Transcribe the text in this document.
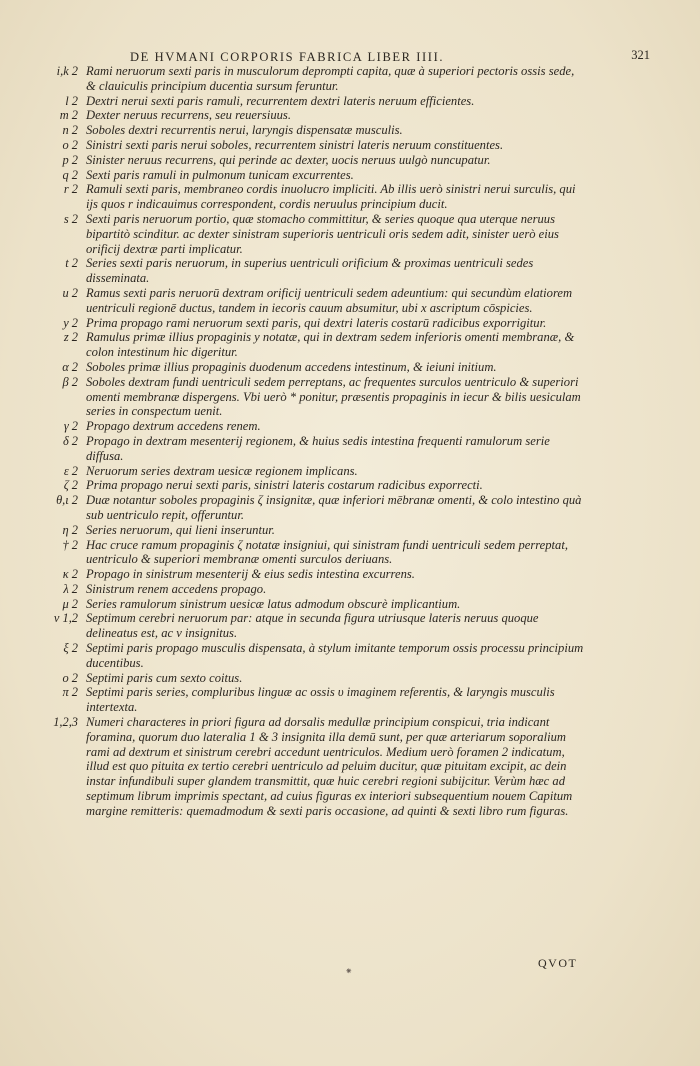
DE HVMANI CORPORIS FABRICA LIBER IIII.	321
i,k 2 Rami neruorum sexti paris in musculorum deprompti capita, quæ à superiori pectoris ossis sede, & clauiculis principium ducentia sursum feruntur.
l 2 Dextri nerui sexti paris ramuli, recurrentem dextri lateris neruum efficientes.
m 2 Dexter neruus recurrens, seu reuersiuus.
n 2 Soboles dextri recurrentis nerui, laryngis dispensatæ musculis.
o 2 Sinistri sexti paris nerui soboles, recurrentem sinistri lateris neruum constituentes.
p 2 Sinister neruus recurrens, qui perinde ac dexter, uocis neruus uulgò nuncupatur.
q 2 Sexti paris ramuli in pulmonum tunicam excurrentes.
r 2 Ramuli sexti paris, membraneo cordis inuolucro impliciti. Ab illis uerò sinistri nerui surculis, qui ijs quos r indicauimus correspondent, cordis neruulus principium ducit.
s 2 Sexti paris neruorum portio, quæ stomacho committitur, & series quoque qua uterque neruus bipartitò scinditur. ac dexter sinistram superioris uentriculi oris sedem adit, sinister uerò eius orificij dextræ parti implicatur.
t 2 Series sexti paris neruorum, in superius uentriculi orificium & proximas uentriculi sedes disseminata.
u 2 Ramus sexti paris neruorū dextram orificij uentriculi sedem adeuntium: qui secundùm elatiorem uentriculi regionē ductus, tandem in iecoris cauum absumitur, ubi x ascriptum cōspicies.
y 2 Prima propago rami neruorum sexti paris, qui dextri lateris costarū radicibus exporrigitur.
z 2 Ramulus primæ illius propaginis y notatæ, qui in dextram sedem inferioris omenti membranæ, & colon intestinum hic digeritur.
α 2 Soboles primæ illius propaginis duodenum accedens intestinum, & ieiuni initium.
β 2 Soboles dextram fundi uentriculi sedem perreptans, ac frequentes surculos uentriculo & superiori omenti membranæ dispergens. Vbi uerò * ponitur, præsentis propaginis in iecur & bilis uesiculam series in conspectum uenit.
γ 2 Propago dextrum accedens renem.
δ 2 Propago in dextram mesenterij regionem, & huius sedis intestina frequenti ramulorum serie diffusa.
ε 2 Neruorum series dextram uesicæ regionem implicans.
ζ 2 Prima propago nerui sexti paris, sinistri lateris costarum radicibus exporrecti.
θ,ι 2 Duæ notantur soboles propaginis ζ insignitæ, quæ inferiori mēbranæ omenti, & colo intestino quà sub uentriculo repit, offeruntur.
η 2 Series neruorum, qui lieni inseruntur.
† 2 Hac cruce ramum propaginis ζ notatæ insigniui, qui sinistram fundi uentriculi sedem perreptat, uentriculo & superiori membranæ omenti surculos deriuans.
κ 2 Propago in sinistrum mesenterij & eius sedis intestina excurrens.
λ 2 Sinistrum renem accedens propago.
μ 2 Series ramulorum sinistrum uesicæ latus admodum obscurè implicantium.
ν 1,2 Septimum cerebri neruorum par: atque in secunda figura utriusque lateris neruus quoque delineatus est, ac ν insignitus.
ξ 2 Septimi paris propago musculis dispensata, à stylum imitante temporum ossis processu principium ducentibus.
ο 2 Septimi paris cum sexto coitus.
π 2 Septimi paris series, compluribus linguæ ac ossis υ imaginem referentis, & laryngis musculis intertexta.
1,2,3 Numeri characteres in priori figura ad dorsalis medullæ principium conspicui, tria indicant foramina, quorum duo lateralia 1 & 3 insignita illa demū sunt, per quæ arteriarum soporalium rami ad dextrum et sinistrum cerebri accedunt uentriculos. Medium uerò foramen 2 indicatum, illud est quo pituita ex tertio cerebri uentriculo ad peluim ducitur, quæ pituitam excipit, ac dein instar infundibuli super glandem transmittit, quæ huic cerebri regioni subijcitur. Verùm hæc ad septimum librum imprimis spectant, ad cuius figuras ex interiori subsequentium nouem Capitum margine remitteris: quemadmodum & sexti paris occasione, ad quinti & sexti libro rum figuras.
QVOT
⁕
